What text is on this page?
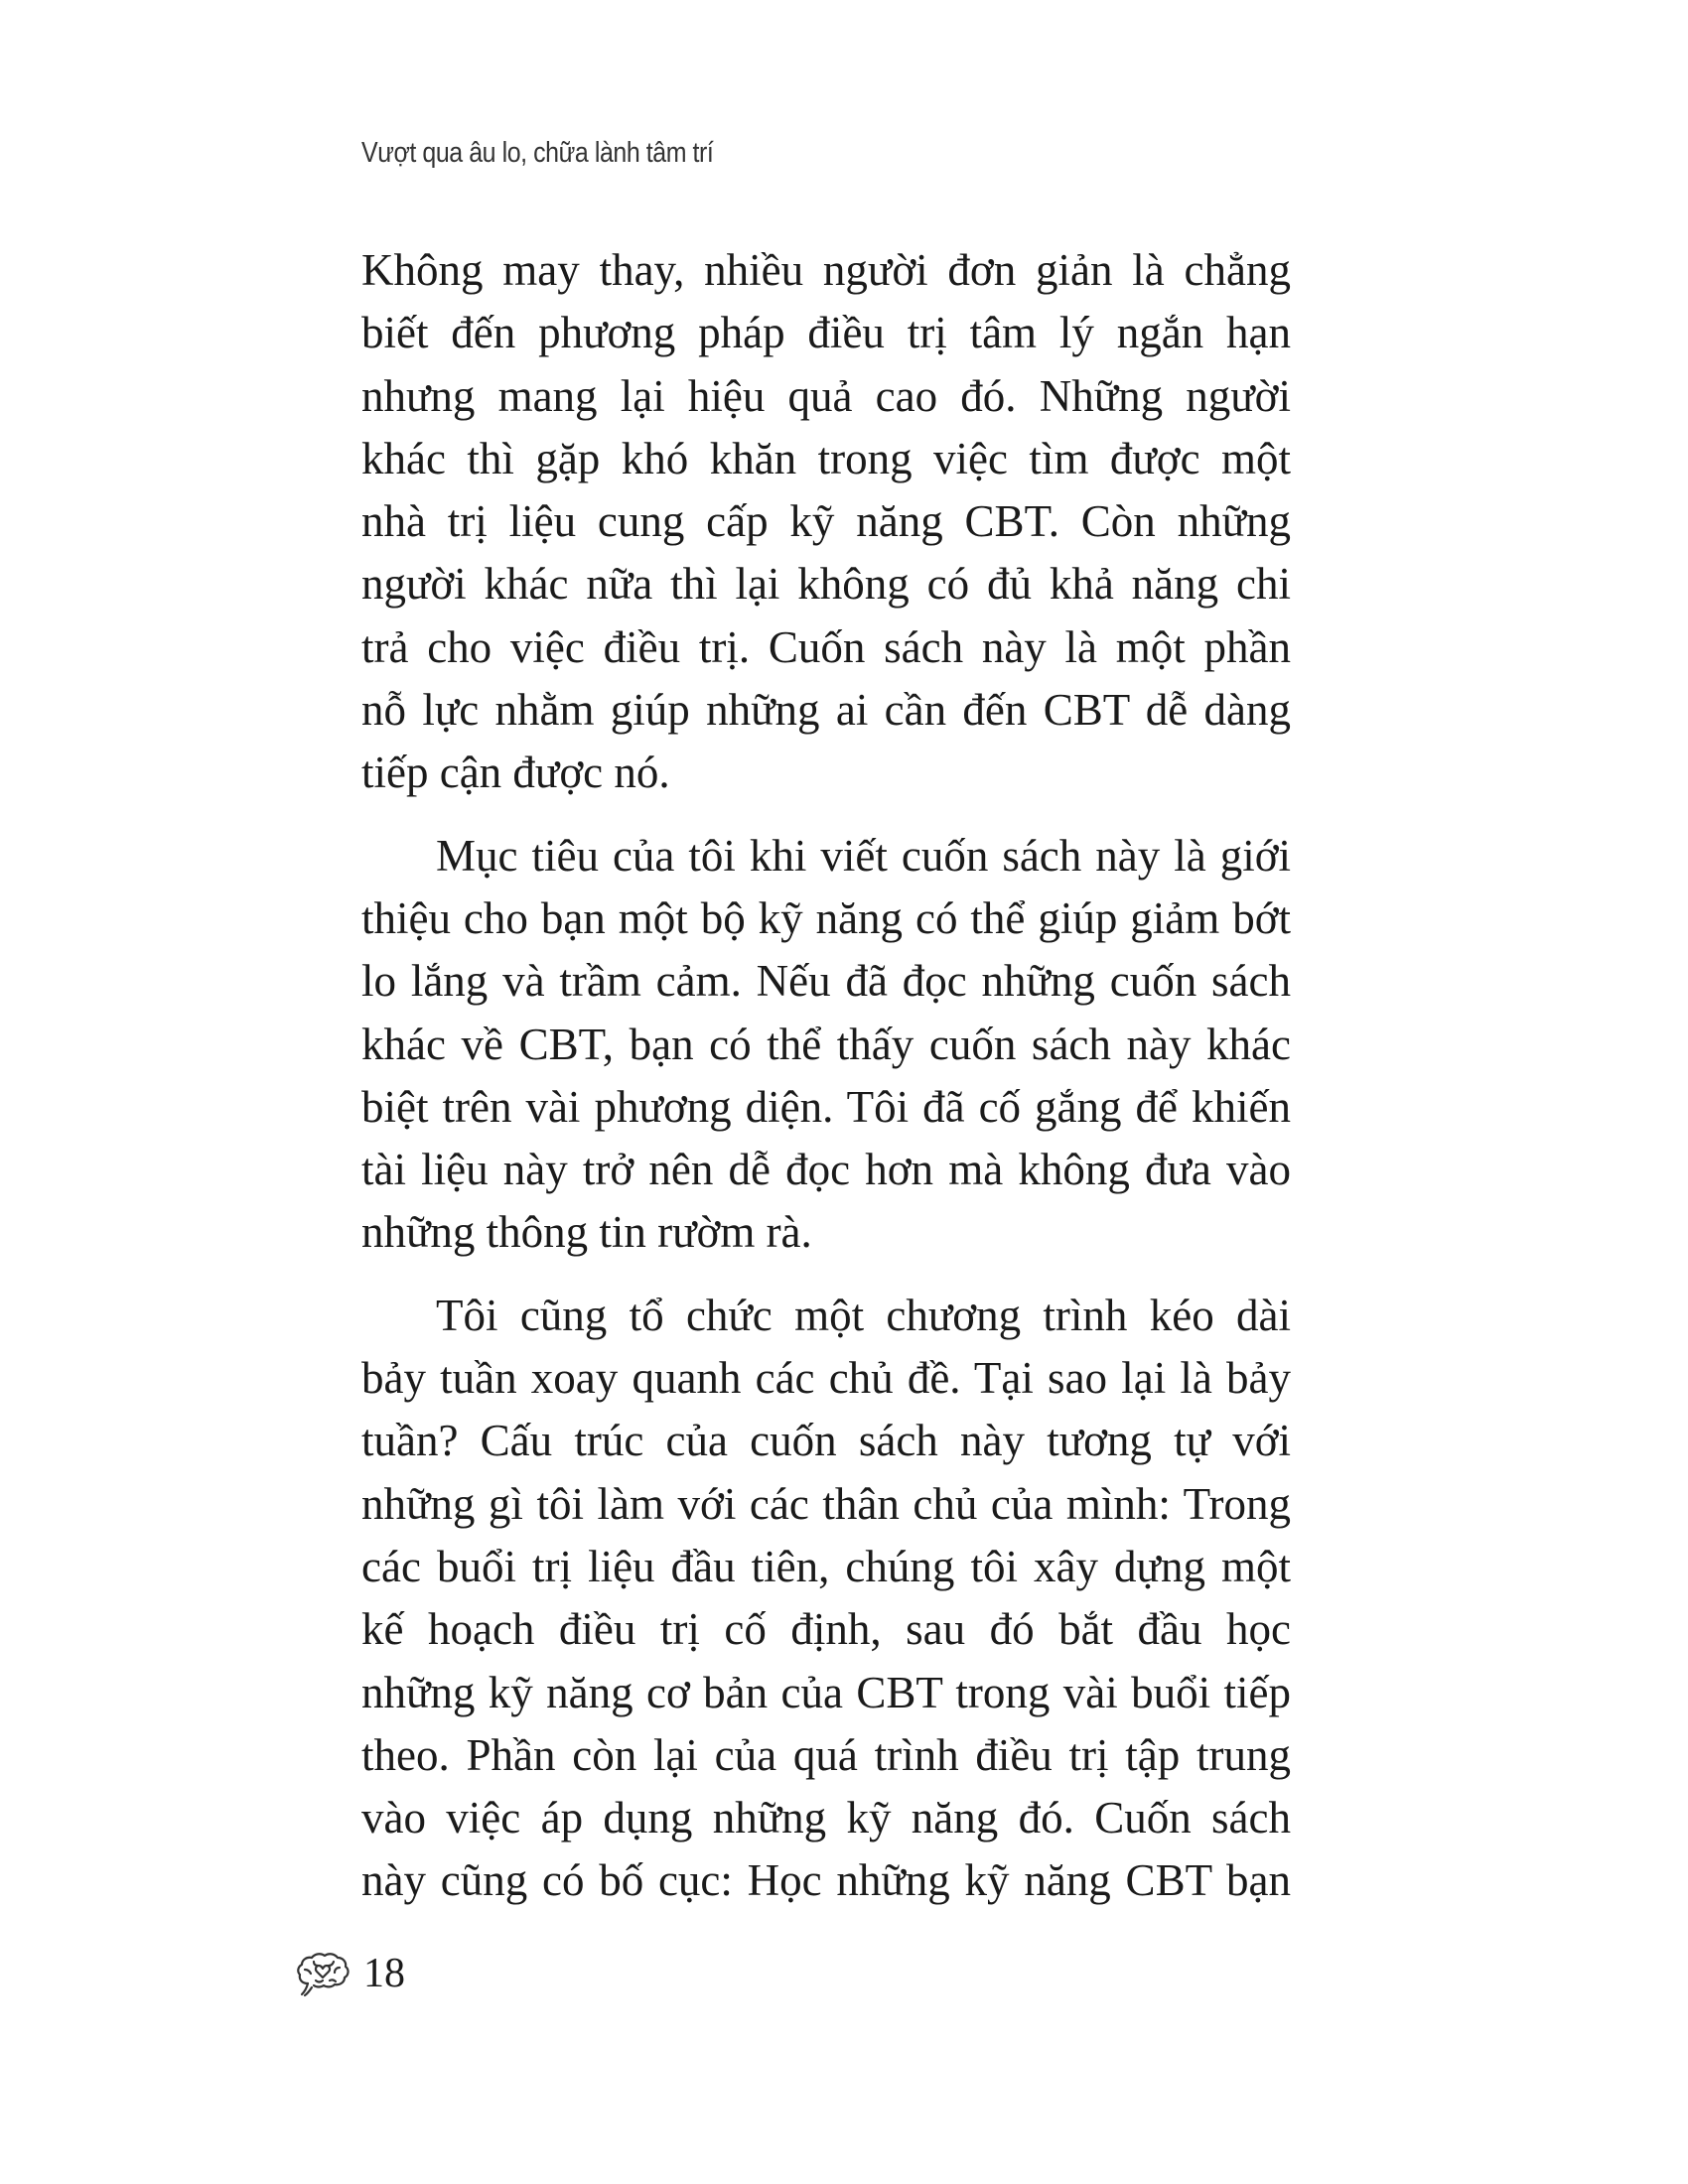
Vượt qua âu lo, chữa lành tâm trí
Không may thay, nhiều người đơn giản là chẳng
biết đến phương pháp điều trị tâm lý ngắn hạn
nhưng mang lại hiệu quả cao đó. Những người
khác thì gặp khó khăn trong việc tìm được một
nhà trị liệu cung cấp kỹ năng CBT. Còn những
người khác nữa thì lại không có đủ khả năng chi
trả cho việc điều trị. Cuốn sách này là một phần
nỗ lực nhằm giúp những ai cần đến CBT dễ dàng
tiếp cận được nó.
Mục tiêu của tôi khi viết cuốn sách này là giới
thiệu cho bạn một bộ kỹ năng có thể giúp giảm bớt
lo lắng và trầm cảm. Nếu đã đọc những cuốn sách
khác về CBT, bạn có thể thấy cuốn sách này khác
biệt trên vài phương diện. Tôi đã cố gắng để khiến
tài liệu này trở nên dễ đọc hơn mà không đưa vào
những thông tin rườm rà.
Tôi cũng tổ chức một chương trình kéo dài
bảy tuần xoay quanh các chủ đề. Tại sao lại là bảy
tuần? Cấu trúc của cuốn sách này tương tự với
những gì tôi làm với các thân chủ của mình: Trong
các buổi trị liệu đầu tiên, chúng tôi xây dựng một
kế hoạch điều trị cố định, sau đó bắt đầu học
những kỹ năng cơ bản của CBT trong vài buổi tiếp
theo. Phần còn lại của quá trình điều trị tập trung
vào việc áp dụng những kỹ năng đó. Cuốn sách
này cũng có bố cục: Học những kỹ năng CBT bạn
18
